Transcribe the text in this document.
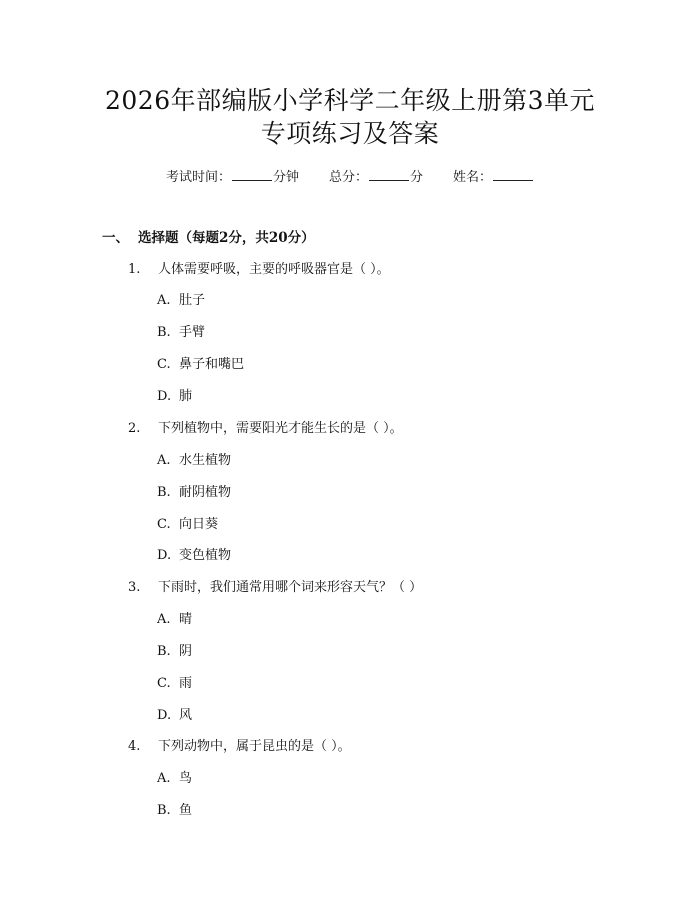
2026年部编版小学科学二年级上册第3单元
专项练习及答案
考试时间：	分钟 总分：	分 姓名：
一、 选择题（每题2分，共20分）
1. 人体需要呼吸，主要的呼吸器官是（ ）。
A. 肚子
B. 手臂
C. 鼻子和嘴巴
D. 肺
2. 下列植物中，需要阳光才能生长的是（ ）。
A. 水生植物
B. 耐阴植物
C. 向日葵
D. 变色植物
3. 下雨时，我们通常用哪个词来形容天气？（ ）
A. 晴
B. 阴
C. 雨
D. 风
4. 下列动物中，属于昆虫的是（ ）。
A. 鸟
B. 鱼
